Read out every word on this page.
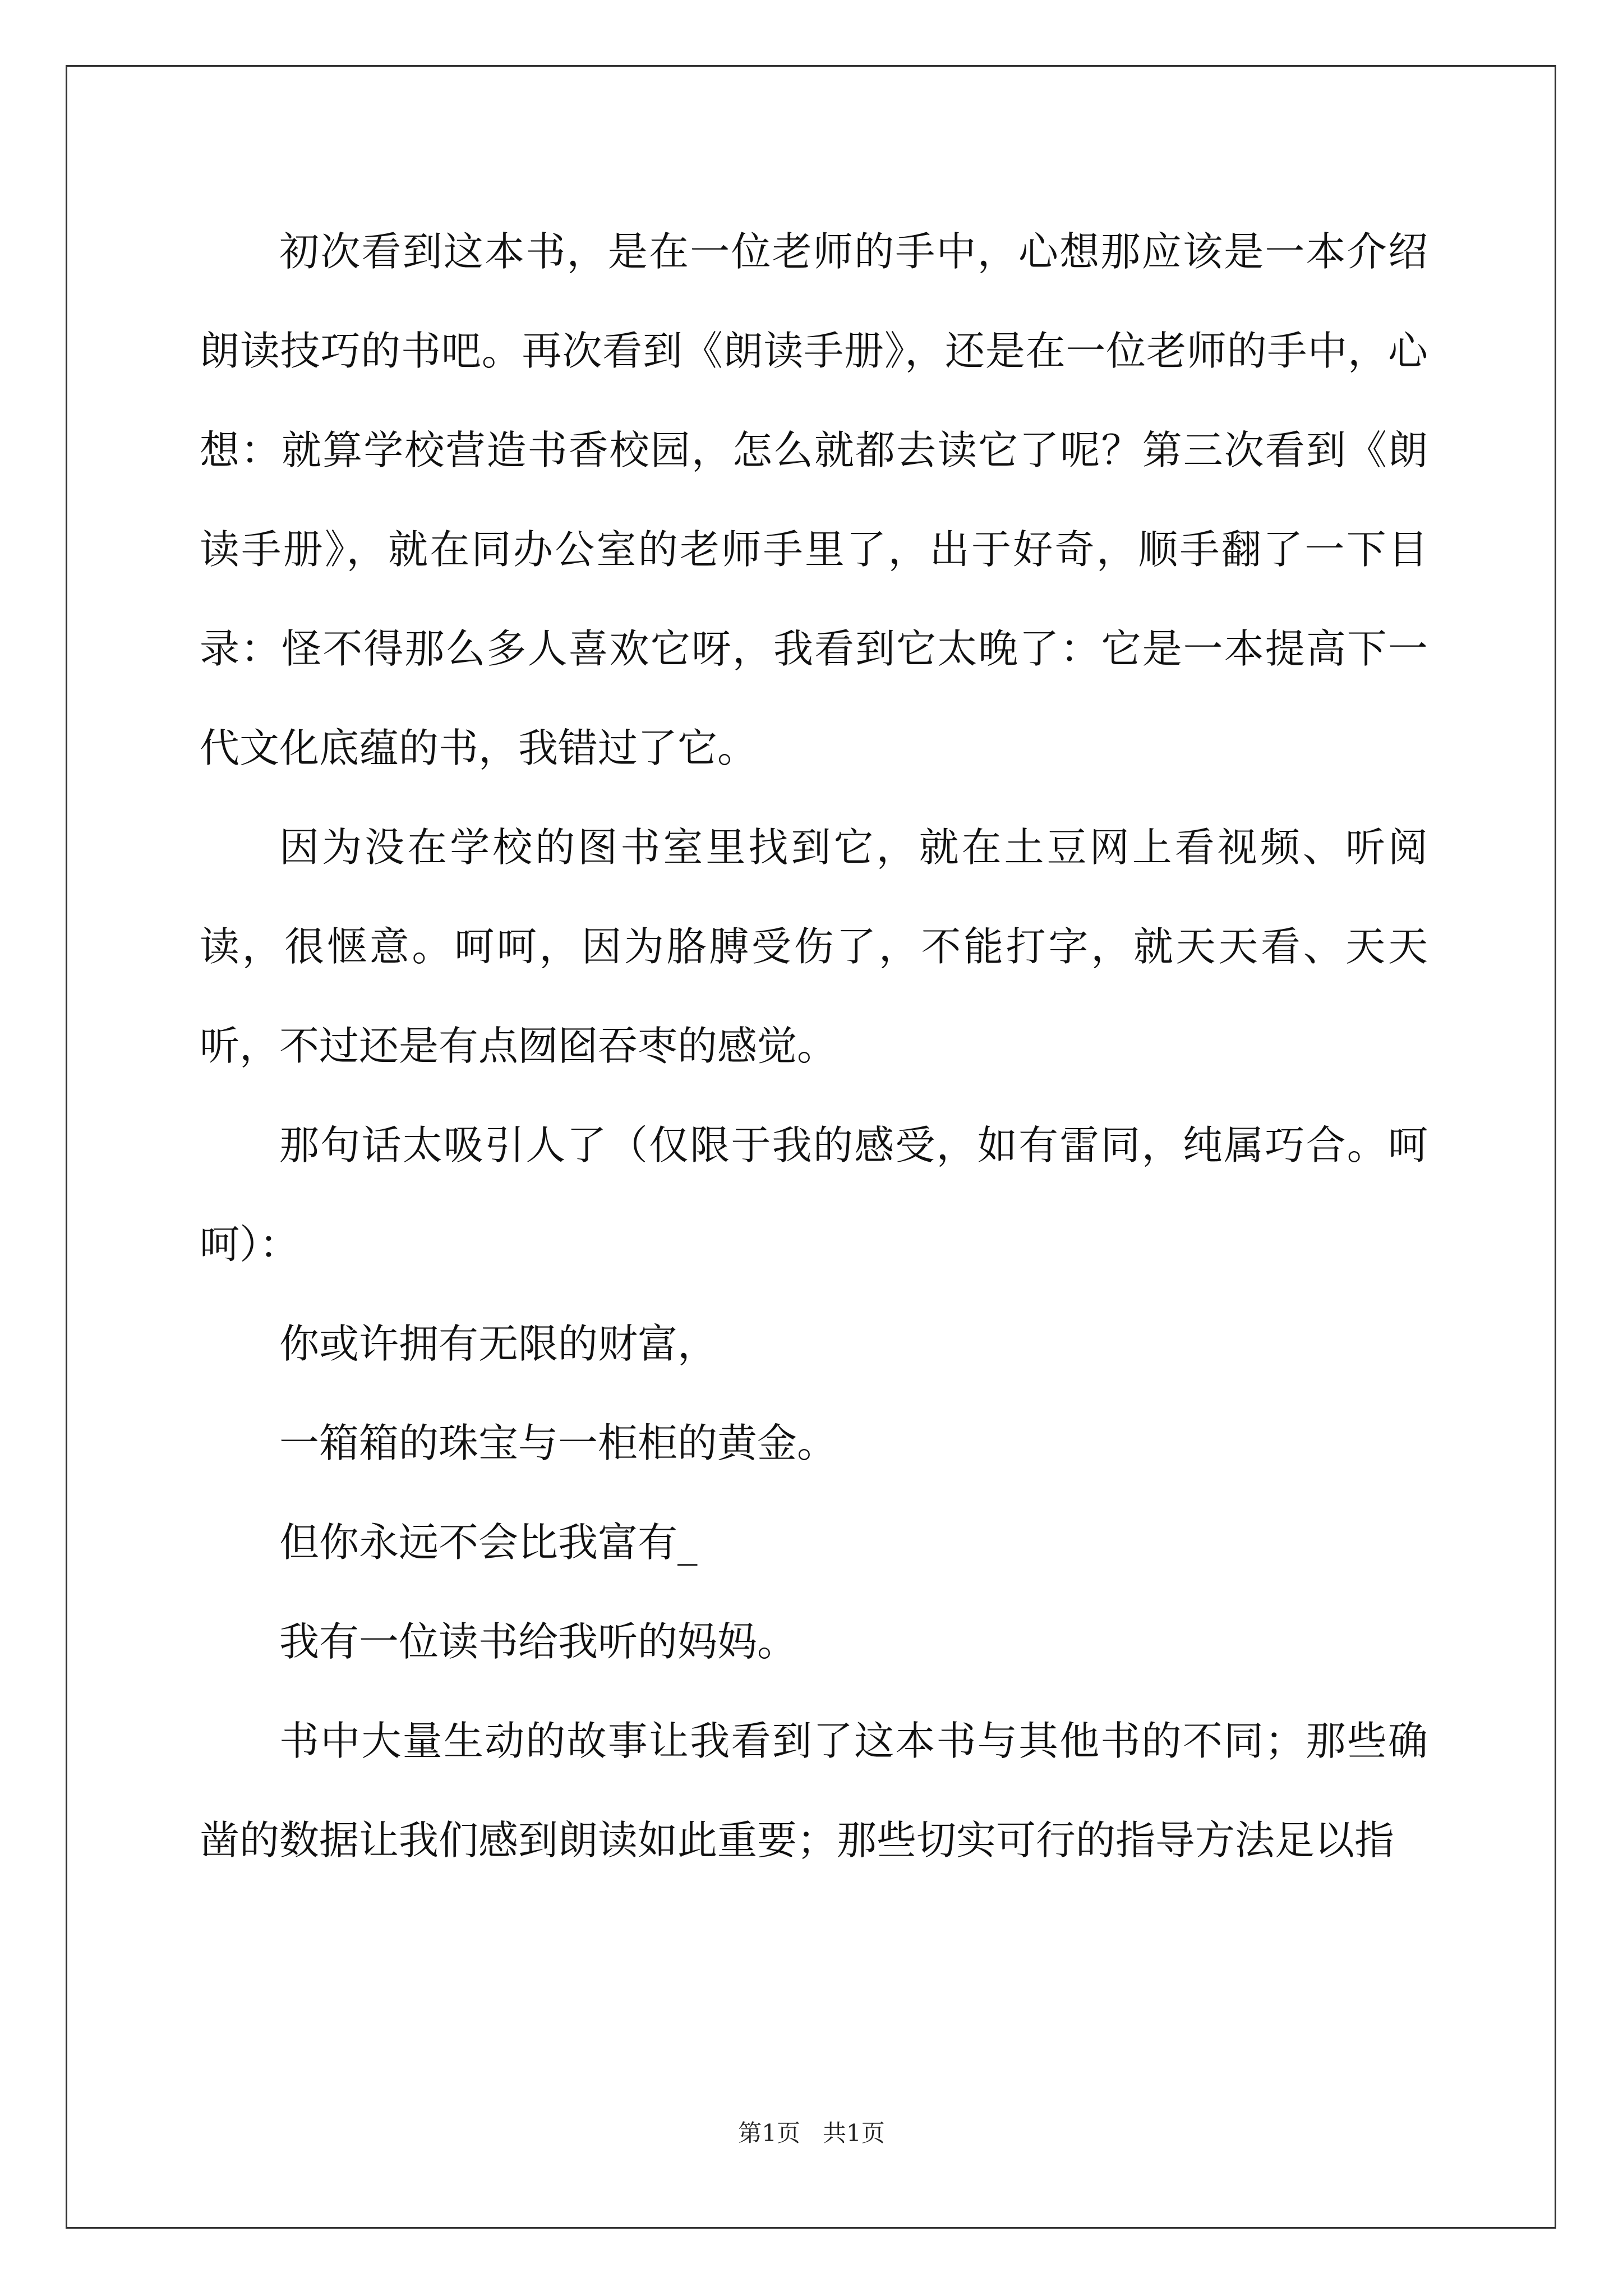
初次看到这本书，是在一位老师的手中，心想那应该是一本介绍朗读技巧的书吧。再次看到《朗读手册》，还是在一位老师的手中，心想：就算学校营造书香校园，怎么就都去读它了呢？第三次看到《朗读手册》，就在同办公室的老师手里了，出于好奇，顺手翻了一下目录：怪不得那么多人喜欢它呀，我看到它太晚了：它是一本提高下一代文化底蕴的书，我错过了它。

因为没在学校的图书室里找到它，就在土豆网上看视频、听阅读，很惬意。呵呵，因为胳膊受伤了，不能打字，就天天看、天天听，不过还是有点囫囵吞枣的感觉。

那句话太吸引人了（仅限于我的感受，如有雷同，纯属巧合。呵呵）：

你或许拥有无限的财富，

一箱箱的珠宝与一柜柜的黄金。

但你永远不会比我富有_

我有一位读书给我听的妈妈。

书中大量生动的故事让我看到了这本书与其他书的不同；那些确凿的数据让我们感到朗读如此重要；那些切实可行的指导方法足以指

第1页   共1页
